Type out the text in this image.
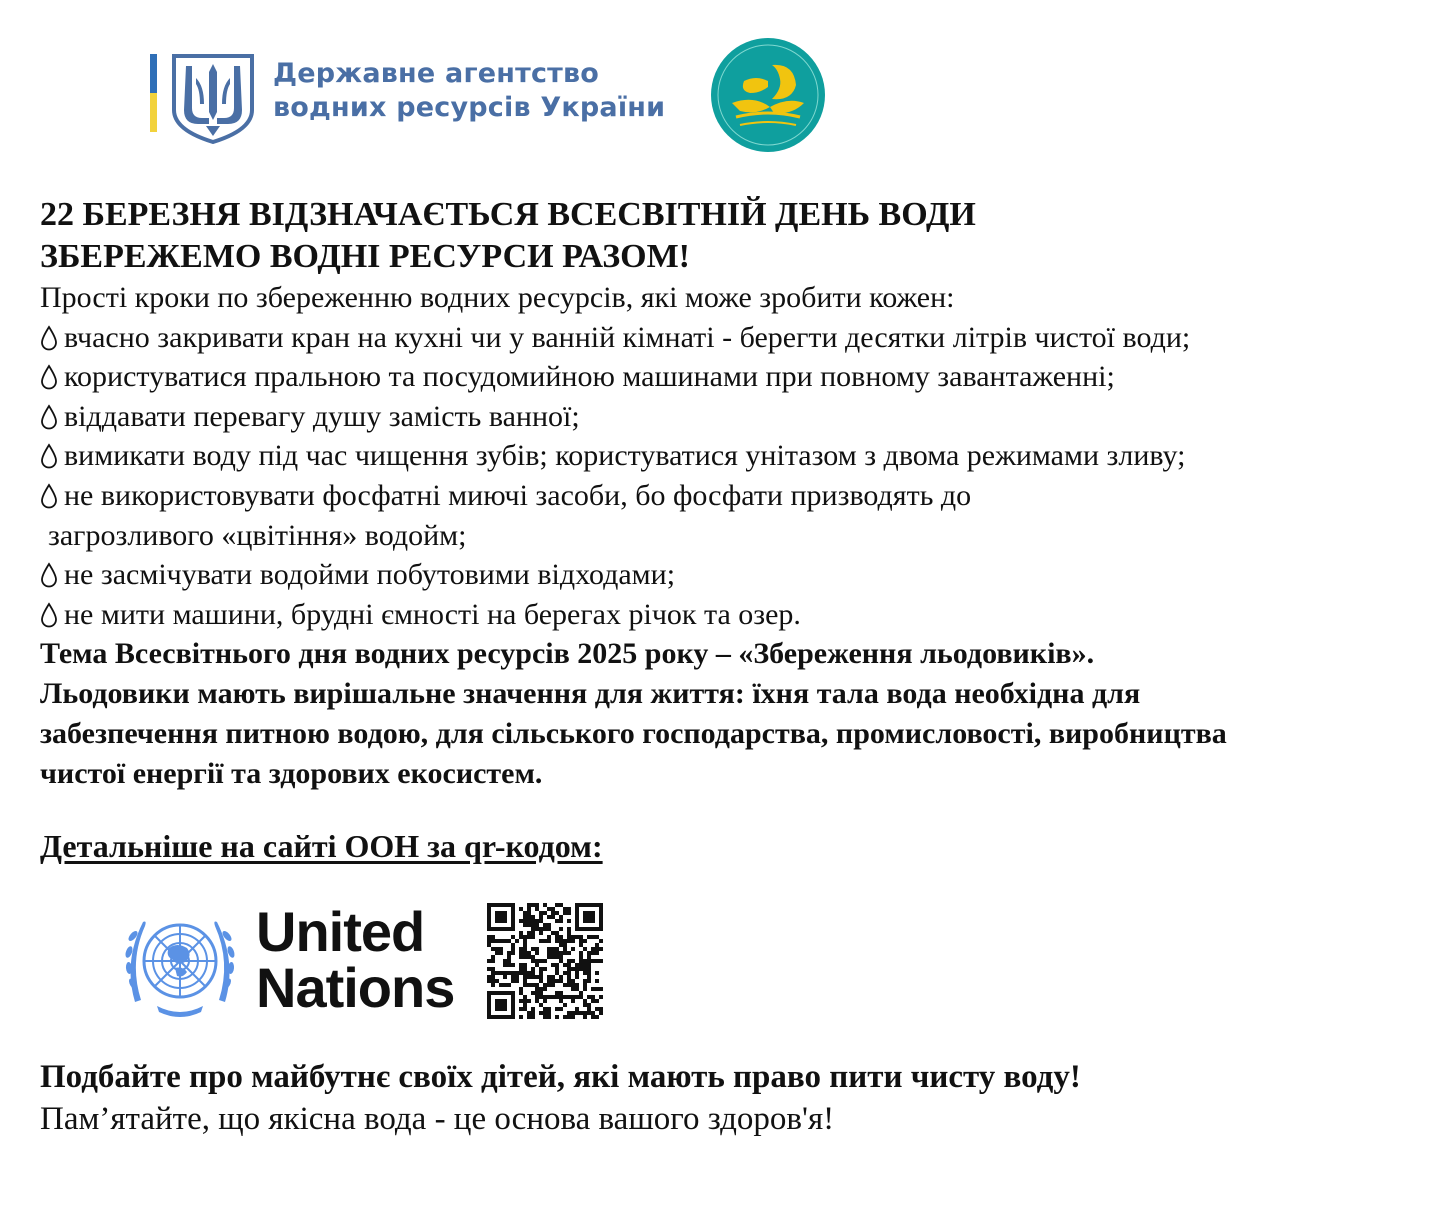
Державне агентство
водних ресурсів України
22 БЕРЕЗНЯ ВІДЗНАЧАЄТЬСЯ ВСЕСВІТНІЙ ДЕНЬ ВОДИ
ЗБЕРЕЖЕМО ВОДНІ РЕСУРСИ РАЗОМ!
Прості кроки по збереженню водних ресурсів, які може зробити кожен:
вчасно закривати кран на кухні чи у ванній кімнаті - берегти десятки літрів чистої води;
користуватися пральною та посудомийною машинами при повному завантаженні;
віддавати перевагу душу замість ванної;
вимикати воду під час чищення зубів; користуватися унітазом з двома режимами зливу;
не використовувати фосфатні миючі засоби, бо фосфати призводять до
загрозливого «цвітіння» водойм;
не засмічувати водойми побутовими відходами;
не мити машини, брудні ємності на берегах річок та озер.
Тема Всесвітнього дня водних ресурсів 2025 року – «Збереження льодовиків».
Льодовики мають вирішальне значення для життя: їхня тала вода необхідна для
забезпечення питною водою, для сільського господарства, промисловості, виробництва
чистої енергії та здорових екосистем.
Детальніше на сайті ООН за qr-кодом:
United
Nations
Подбайте про майбутнє своїх дітей, які мають право пити чисту воду!
Пам’ятайте, що якісна вода - це основа вашого здоров'я!
